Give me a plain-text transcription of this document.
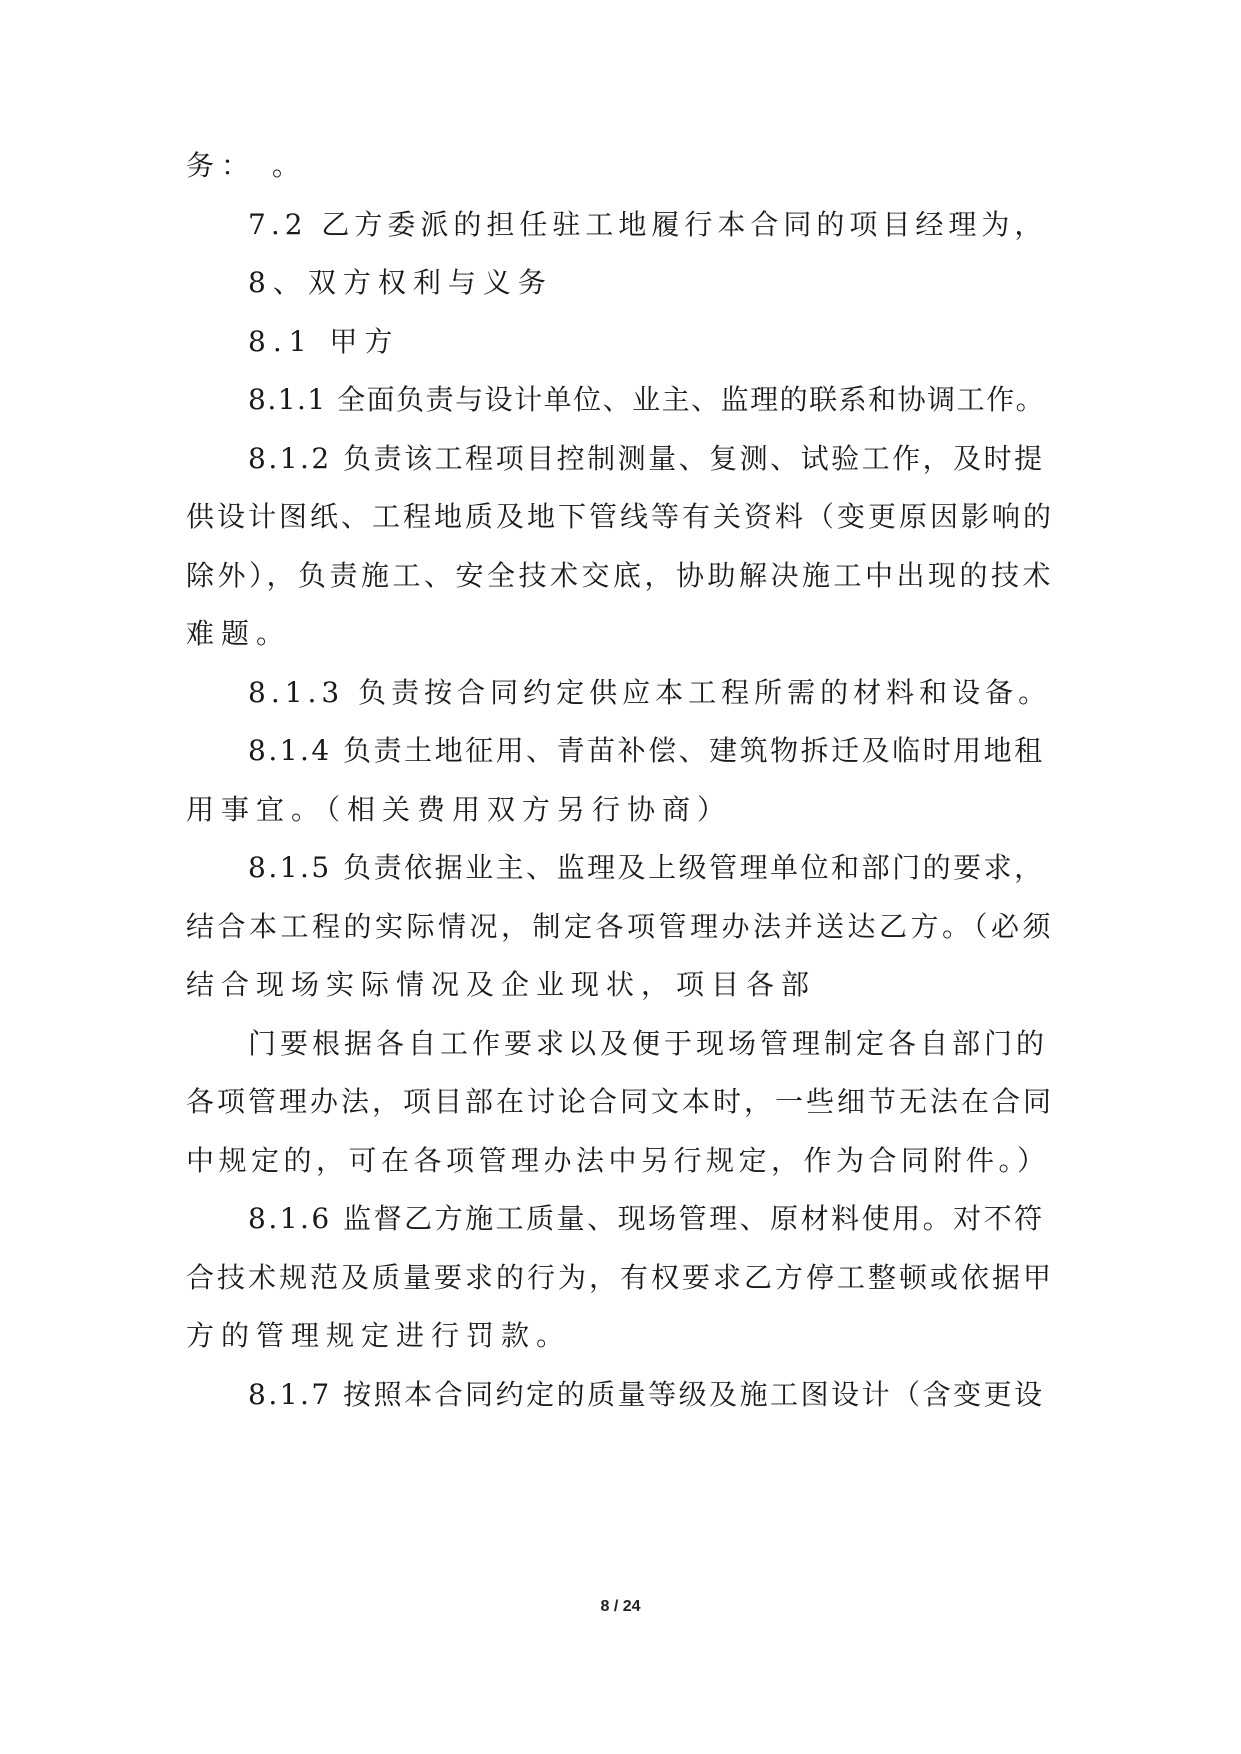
务： 。
7.2 乙方委派的担任驻工地履行本合同的项目经理为，
8、双方权利与义务
8.1 甲方
8.1.1 全面负责与设计单位、业主、监理的联系和协调工作。
8.1.2 负责该工程项目控制测量、复测、试验工作，及时提
供设计图纸、工程地质及地下管线等有关资料（变更原因影响的
除外），负责施工、安全技术交底，协助解决施工中出现的技术
难题。
8.1.3 负责按合同约定供应本工程所需的材料和设备。
8.1.4 负责土地征用、青苗补偿、建筑物拆迁及临时用地租
用事宜。（相关费用双方另行协商）
8.1.5 负责依据业主、监理及上级管理单位和部门的要求，
结合本工程的实际情况，制定各项管理办法并送达乙方。（必须
结合现场实际情况及企业现状，项目各部
门要根据各自工作要求以及便于现场管理制定各自部门的
各项管理办法，项目部在讨论合同文本时，一些细节无法在合同
中规定的，可在各项管理办法中另行规定，作为合同附件。）
8.1.6 监督乙方施工质量、现场管理、原材料使用。对不符
合技术规范及质量要求的行为，有权要求乙方停工整顿或依据甲
方的管理规定进行罚款。
8.1.7 按照本合同约定的质量等级及施工图设计（含变更设
8 / 24
